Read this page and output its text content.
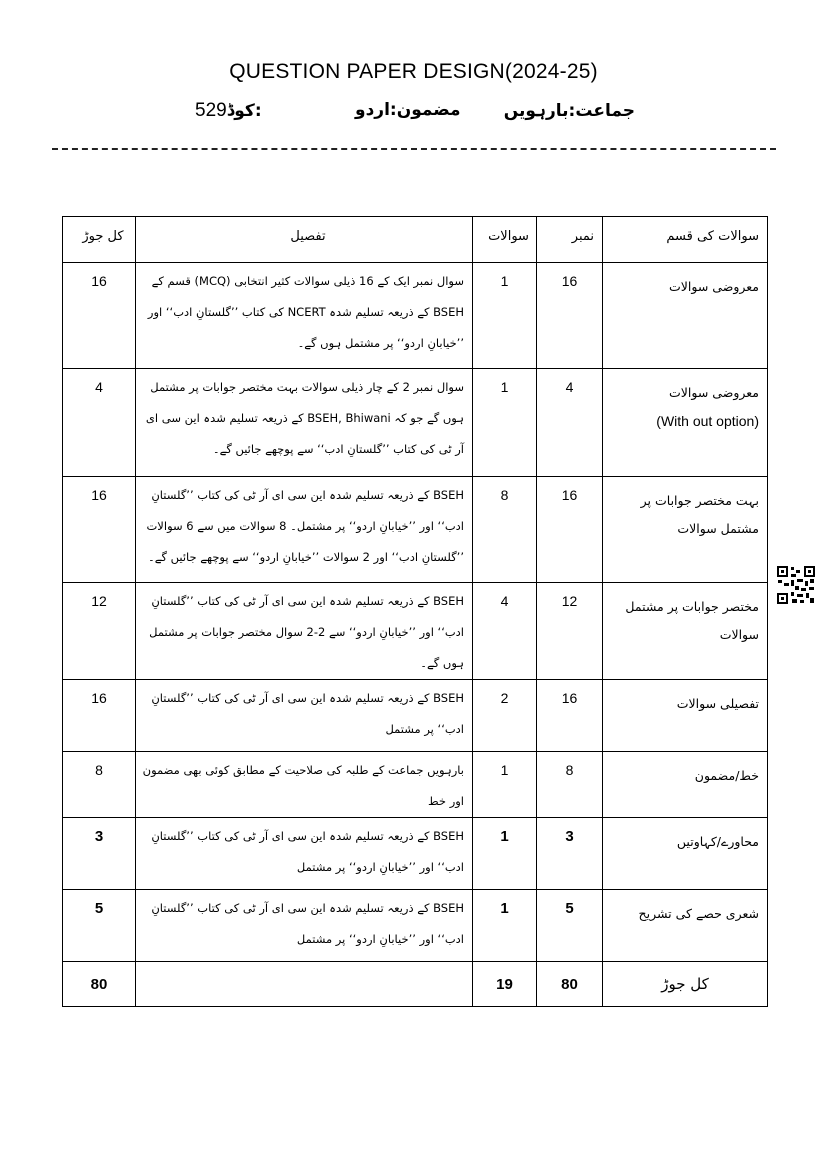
QUESTION PAPER DESIGN(2024-25)
جماعت:بارہویں
مضمون:اردو
529کوڈ:
کل جوڑ	تفصیل	سوالات	نمبر	سوالات کی قسم
16	سوال نمبر ایک کے 16 ذیلی سوالات کثیر انتخابی (MCQ) قسم کے BSEH کے ذریعہ تسلیم شدہ NCERT کی کتاب ’’گلستانِ ادب‘‘ اور ’’خیابانِ اردو‘‘ پر مشتمل ہوں گے۔	1	16	معروضی سوالات
4	سوال نمبر 2 کے چار ذیلی سوالات بہت مختصر جوابات پر مشتمل ہوں گے جو کہ BSEH, Bhiwani کے ذریعہ تسلیم شدہ این سی ای آر ٹی کی کتاب ’’گلستانِ ادب‘‘ سے پوچھے جائیں گے۔	1	4	معروضی سوالات
(With out option)

16	BSEH کے ذریعہ تسلیم شدہ این سی ای آر ٹی کی کتاب ’’گلستانِ ادب‘‘ اور ’’خیابانِ اردو‘‘ پر مشتمل۔ 8 سوالات میں سے 6 سوالات ’’گلستانِ ادب‘‘ اور 2 سوالات ’’خیابانِ اردو‘‘ سے پوچھے جائیں گے۔	8	16	بہت مختصر جوابات پر مشتمل سوالات
12	BSEH کے ذریعہ تسلیم شدہ این سی ای آر ٹی کی کتاب ’’گلستانِ ادب‘‘ اور ’’خیابانِ اردو‘‘ سے 2-2 سوال مختصر جوابات پر مشتمل ہوں گے۔	4	12	مختصر جوابات پر مشتمل سوالات
16	BSEH کے ذریعہ تسلیم شدہ این سی ای آر ٹی کی کتاب ’’گلستانِ ادب‘‘ پر مشتمل	2	16	تفصیلی سوالات
8	بارہویں جماعت کے طلبہ کی صلاحیت کے مطابق کوئی بھی مضمون اور خط	1	8	خط/مضمون
3	BSEH کے ذریعہ تسلیم شدہ این سی ای آر ٹی کی کتاب ’’گلستانِ ادب‘‘ اور ’’خیابانِ اردو‘‘ پر مشتمل	1	3	محاورے/کہاوتیں
5	BSEH کے ذریعہ تسلیم شدہ این سی ای آر ٹی کی کتاب ’’گلستانِ ادب‘‘ اور ’’خیابانِ اردو‘‘ پر مشتمل	1	5	شعری حصے کی تشریح
80		19	80	کل جوڑ
